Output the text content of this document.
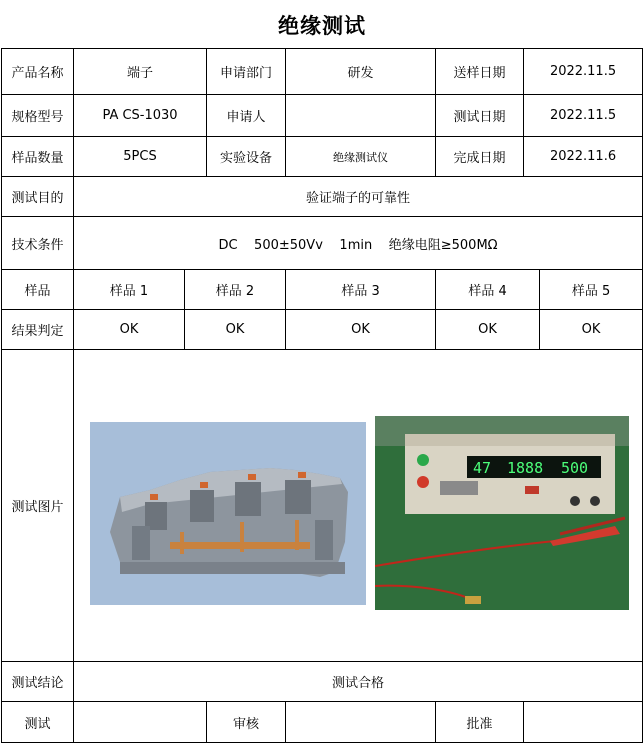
绝缘测试
产品名称	端子		申请部门	研发	送样日期	2022.11.5	
规格型号	PA CS-1030		申请人		测试日期	2022.11.5	
样品数量	5PCS		实验设备	绝缘测试仪	完成日期	2022.11.6	
测试目的	验证端子的可靠性						
技术条件	DC    500±50Vv    1min    绝缘电阻≥500MΩ						
样品	样品 1	样品 2		样品 3	样品 4		样品 5
结果判定	OK	OK		OK	OK		OK
测试图片	47 1888 500						

测试结论	测试合格						
测试			审核		批准		
